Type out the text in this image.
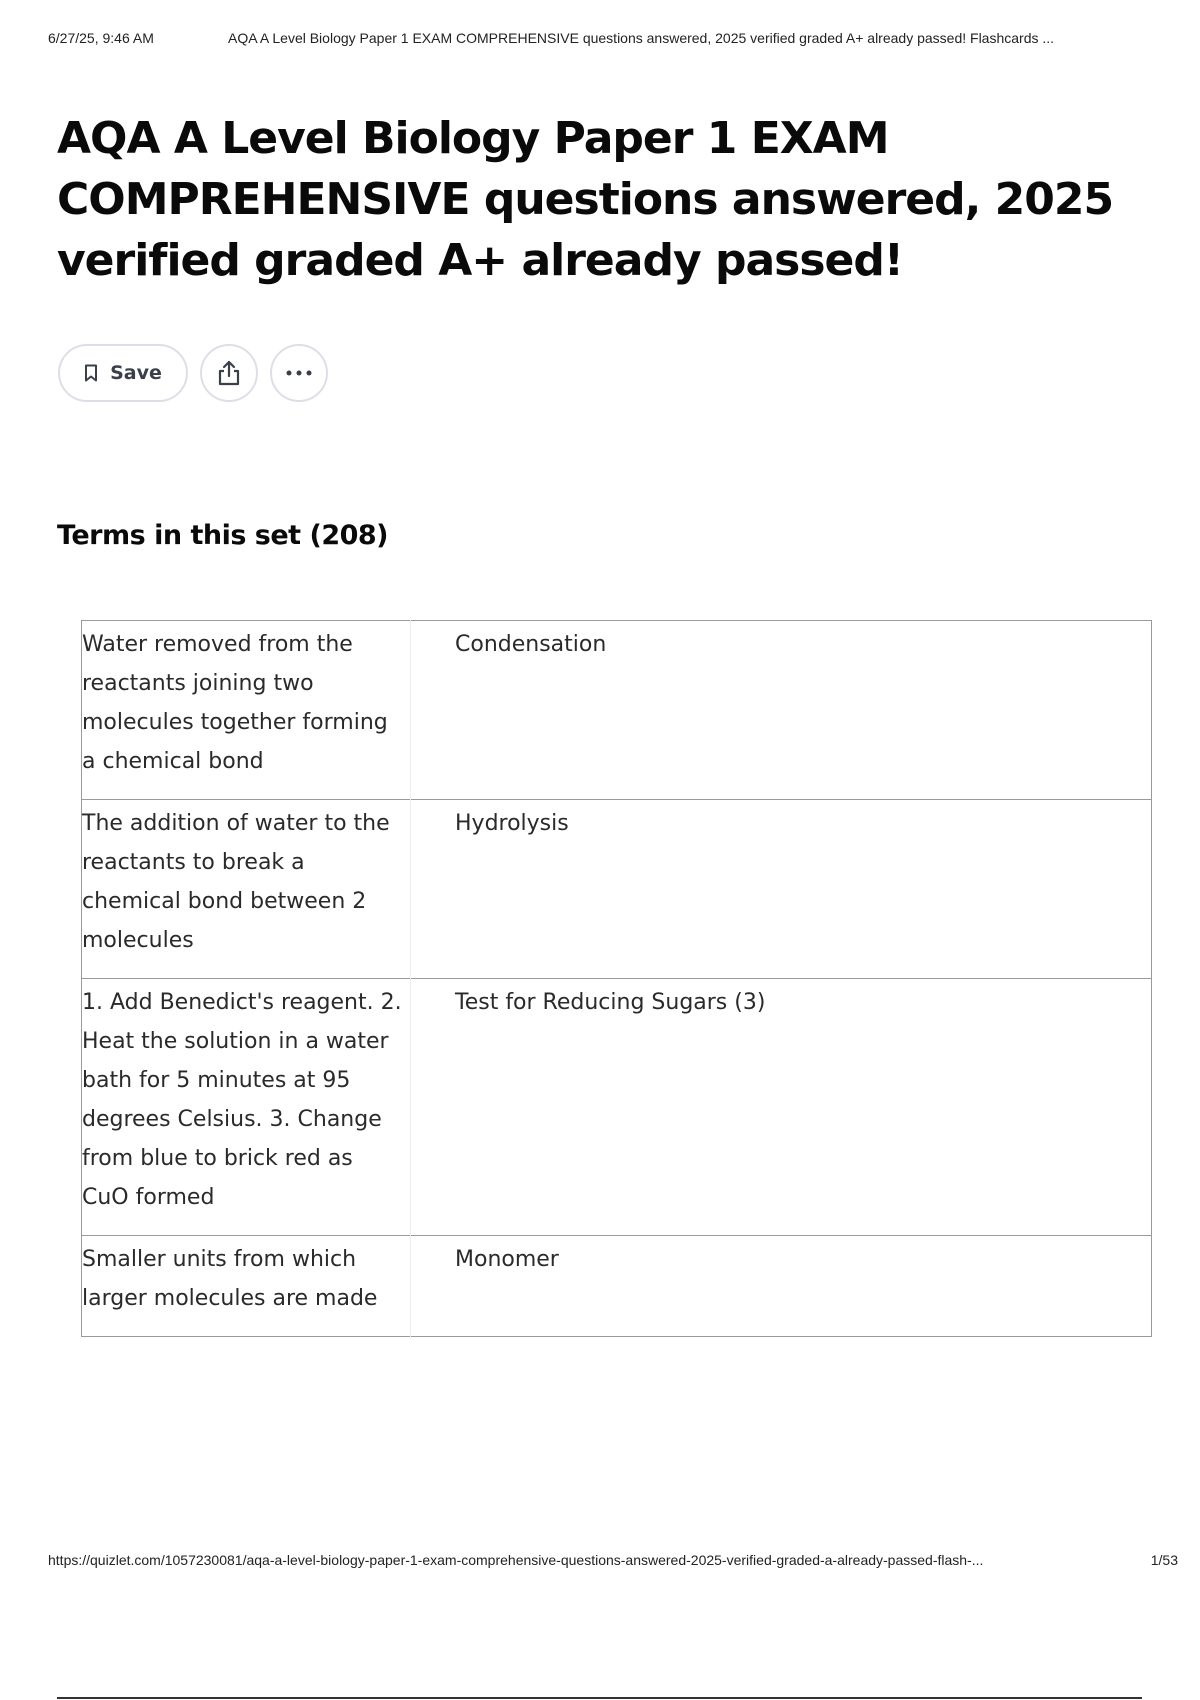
6/27/25, 9:46 AM	AQA A Level Biology Paper 1 EXAM COMPREHENSIVE questions answered, 2025 verified graded A+ already passed! Flashcards ...
AQA A Level Biology Paper 1 EXAM COMPREHENSIVE questions answered, 2025 verified graded A+ already passed!
Save
Terms in this set (208)
Water removed from the reactants joining two molecules together forming a chemical bond	Condensation
The addition of water to the reactants to break a chemical bond between 2 molecules	Hydrolysis
1. Add Benedict's reagent. 2. Heat the solution in a water bath for 5 minutes at 95 degrees Celsius. 3. Change from blue to brick red as CuO formed	Test for Reducing Sugars (3)
Smaller units from which larger molecules are made	Monomer
https://quizlet.com/1057230081/aqa-a-level-biology-paper-1-exam-comprehensive-questions-answered-2025-verified-graded-a-already-passed-flash-...	1/53
